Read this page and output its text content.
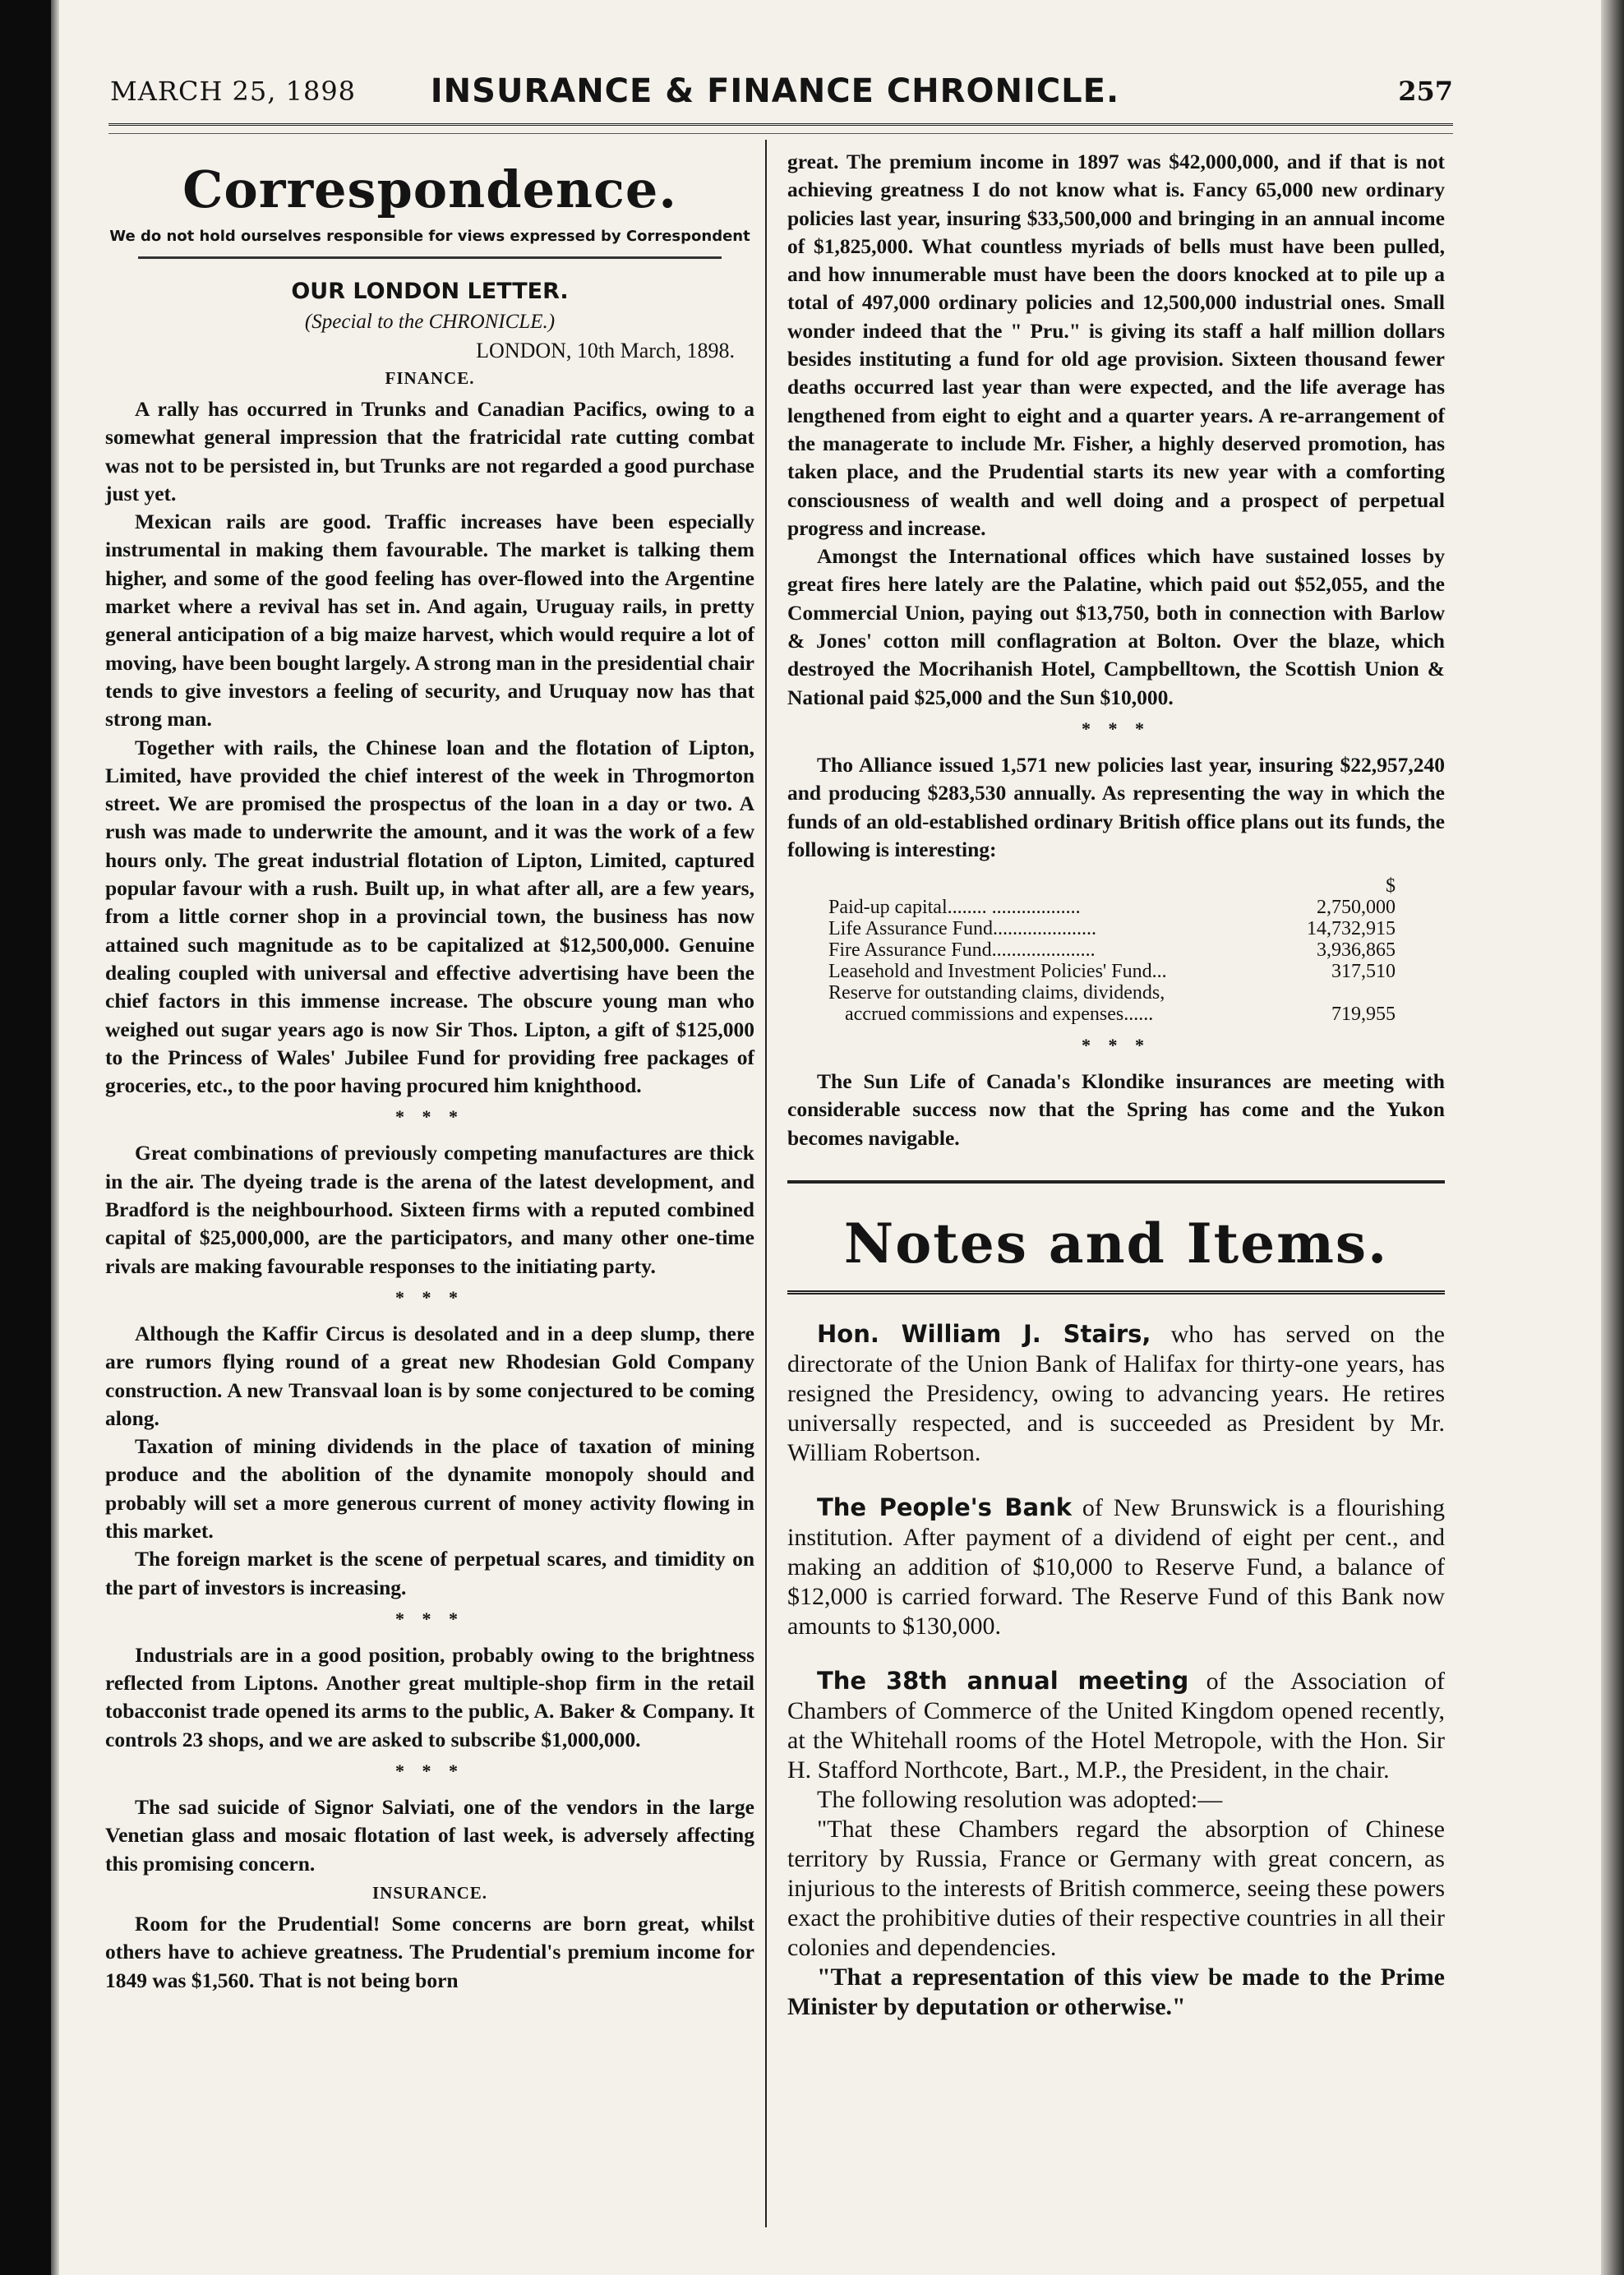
MARCH 25, 1898	INSURANCE & FINANCE CHRONICLE.	257
Correspondence.
We do not hold ourselves responsible for views expressed by Correspondent
OUR LONDON LETTER.
(Special to the CHRONICLE.)
LONDON, 10th March, 1898.
FINANCE.

A rally has occurred in Trunks and Canadian Pacifics, owing to a somewhat general impression that the fratricidal rate cutting combat was not to be persisted in, but Trunks are not regarded a good purchase just yet.

Mexican rails are good. Traffic increases have been especially instrumental in making them favourable. The market is talking them higher, and some of the good feeling has over-flowed into the Argentine market where a revival has set in. And again, Uruguay rails, in pretty general anticipation of a big maize harvest, which would require a lot of moving, have been bought largely. A strong man in the presidential chair tends to give investors a feeling of security, and Uruquay now has that strong man.

Together with rails, the Chinese loan and the flotation of Lipton, Limited, have provided the chief interest of the week in Throgmorton street. We are promised the prospectus of the loan in a day or two. A rush was made to underwrite the amount, and it was the work of a few hours only. The great industrial flotation of Lipton, Limited, captured popular favour with a rush. Built up, in what after all, are a few years, from a little corner shop in a provincial town, the business has now attained such magnitude as to be capitalized at $12,500,000. Genuine dealing coupled with universal and effective advertising have been the chief factors in this immense increase. The obscure young man who weighed out sugar years ago is now Sir Thos. Lipton, a gift of $125,000 to the Princess of Wales' Jubilee Fund for providing free packages of groceries, etc., to the poor having procured him knighthood.

* * *

Great combinations of previously competing manufactures are thick in the air. The dyeing trade is the arena of the latest development, and Bradford is the neighbourhood. Sixteen firms with a reputed combined capital of $25,000,000, are the participators, and many other one-time rivals are making favourable responses to the initiating party.

* * *

Although the Kaffir Circus is desolated and in a deep slump, there are rumors flying round of a great new Rhodesian Gold Company construction. A new Transvaal loan is by some conjectured to be coming along.

Taxation of mining dividends in the place of taxation of mining produce and the abolition of the dynamite monopoly should and probably will set a more generous current of money activity flowing in this market.

The foreign market is the scene of perpetual scares, and timidity on the part of investors is increasing.

* * *

Industrials are in a good position, probably owing to the brightness reflected from Liptons. Another great multiple-shop firm in the retail tobacconist trade opened its arms to the public, A. Baker & Company. It controls 23 shops, and we are asked to subscribe $1,000,000.

* * *

The sad suicide of Signor Salviati, one of the vendors in the large Venetian glass and mosaic flotation of last week, is adversely affecting this promising concern.

INSURANCE.

Room for the Prudential! Some concerns are born great, whilst others have to achieve greatness. The Prudential's premium income for 1849 was $1,560. That is not being born

great. The premium income in 1897 was $42,000,000, and if that is not achieving greatness I do not know what is. Fancy 65,000 new ordinary policies last year, insuring $33,500,000 and bringing in an annual income of $1,825,000. What countless myriads of bells must have been pulled, and how innumerable must have been the doors knocked at to pile up a total of 497,000 ordinary policies and 12,500,000 industrial ones. Small wonder indeed that the " Pru." is giving its staff a half million dollars besides instituting a fund for old age provision. Sixteen thousand fewer deaths occurred last year than were expected, and the life average has lengthened from eight to eight and a quarter years. A re-arrangement of the managerate to include Mr. Fisher, a highly deserved promotion, has taken place, and the Prudential starts its new year with a comforting consciousness of wealth and well doing and a prospect of perpetual progress and increase.

Amongst the International offices which have sustained losses by great fires here lately are the Palatine, which paid out $52,055, and the Commercial Union, paying out $13,750, both in connection with Barlow & Jones' cotton mill conflagration at Bolton. Over the blaze, which destroyed the Mocrihanish Hotel, Campbelltown, the Scottish Union & National paid $25,000 and the Sun $10,000.

* * *

Tho Alliance issued 1,571 new policies last year, insuring $22,957,240 and producing $283,530 annually. As representing the way in which the funds of an old-established ordinary British office plans out its funds, the following is interesting:

Paid-up capital........ ..................	$ 2,750,000
Life Assurance Fund.....................	14,732,915
Fire Assurance Fund.....................	3,936,865
Leasehold and Investment Policies' Fund...	317,510
Reserve for outstanding claims, dividends,	
accrued commissions and expenses......	719,955
* * *

The Sun Life of Canada's Klondike insurances are meeting with considerable success now that the Spring has come and the Yukon becomes navigable.

Notes and Items.

Hon. William J. Stairs, who has served on the directorate of the Union Bank of Halifax for thirty-one years, has resigned the Presidency, owing to advancing years. He retires universally respected, and is succeeded as President by Mr. William Robertson.

The People's Bank of New Brunswick is a flourishing institution. After payment of a dividend of eight per cent., and making an addition of $10,000 to Reserve Fund, a balance of $12,000 is carried forward. The Reserve Fund of this Bank now amounts to $130,000.

The 38th annual meeting of the Association of Chambers of Commerce of the United Kingdom opened recently, at the Whitehall rooms of the Hotel Metropole, with the Hon. Sir H. Stafford Northcote, Bart., M.P., the President, in the chair.

The following resolution was adopted:—

"That these Chambers regard the absorption of Chinese territory by Russia, France or Germany with great concern, as injurious to the interests of British commerce, seeing these powers exact the prohibitive duties of their respective countries in all their colonies and dependencies.

"That a representation of this view be made to the Prime Minister by deputation or otherwise."
